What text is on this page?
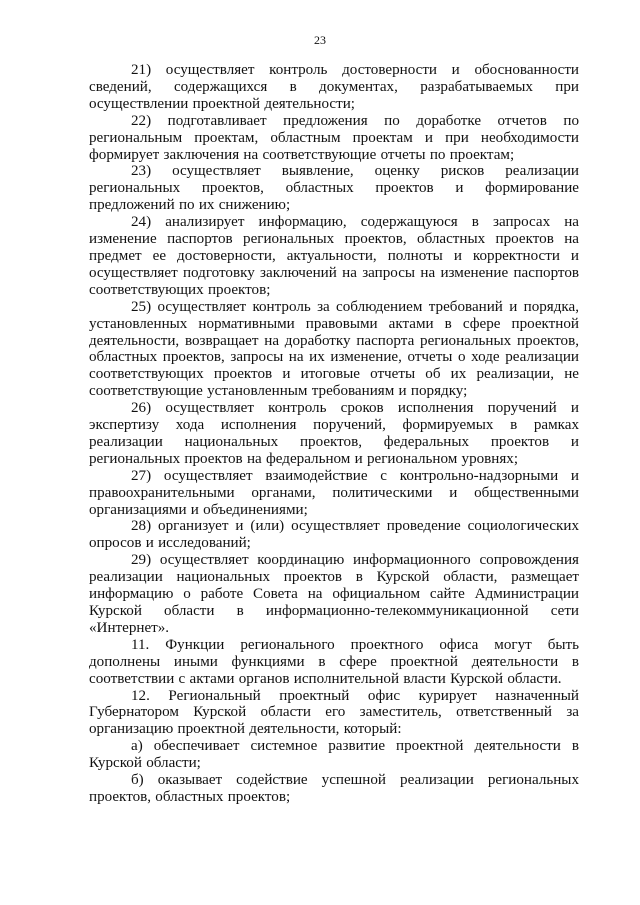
23

21) осуществляет контроль достоверности и обоснованности сведений, содержащихся в документах, разрабатываемых при осуществлении проектной деятельности;

22) подготавливает предложения по доработке отчетов по региональным проектам, областным проектам и при необходимости формирует заключения на соответствующие отчеты по проектам;

23) осуществляет выявление, оценку рисков реализации региональных проектов, областных проектов и формирование предложений по их снижению;

24) анализирует информацию, содержащуюся в запросах на изменение паспортов региональных проектов, областных проектов на предмет ее достоверности, актуальности, полноты и корректности и осуществляет подготовку заключений на запросы на изменение паспортов соответствующих проектов;

25) осуществляет контроль за соблюдением требований и порядка, установленных нормативными правовыми актами в сфере проектной деятельности, возвращает на доработку паспорта региональных проектов, областных проектов, запросы на их изменение, отчеты о ходе реализации соответствующих проектов и итоговые отчеты об их реализации, не соответствующие установленным требованиям и порядку;

26) осуществляет контроль сроков исполнения поручений и экспертизу хода исполнения поручений, формируемых в рамках реализации национальных проектов, федеральных проектов и региональных проектов на федеральном и региональном уровнях;

27) осуществляет взаимодействие с контрольно-надзорными и правоохранительными органами, политическими и общественными организациями и объединениями;

28) организует и (или) осуществляет проведение социологических опросов и исследований;

29) осуществляет координацию информационного сопровождения реализации национальных проектов в Курской области, размещает информацию о работе Совета на официальном сайте Администрации Курской области в информационно-телекоммуникационной сети «Интернет».

11. Функции регионального проектного офиса могут быть дополнены иными функциями в сфере проектной деятельности в соответствии с актами органов исполнительной власти Курской области.

12. Региональный проектный офис курирует назначенный Губернатором Курской области его заместитель, ответственный за организацию проектной деятельности, который:

а) обеспечивает системное развитие проектной деятельности в Курской области;

б) оказывает содействие успешной реализации региональных проектов, областных проектов;
